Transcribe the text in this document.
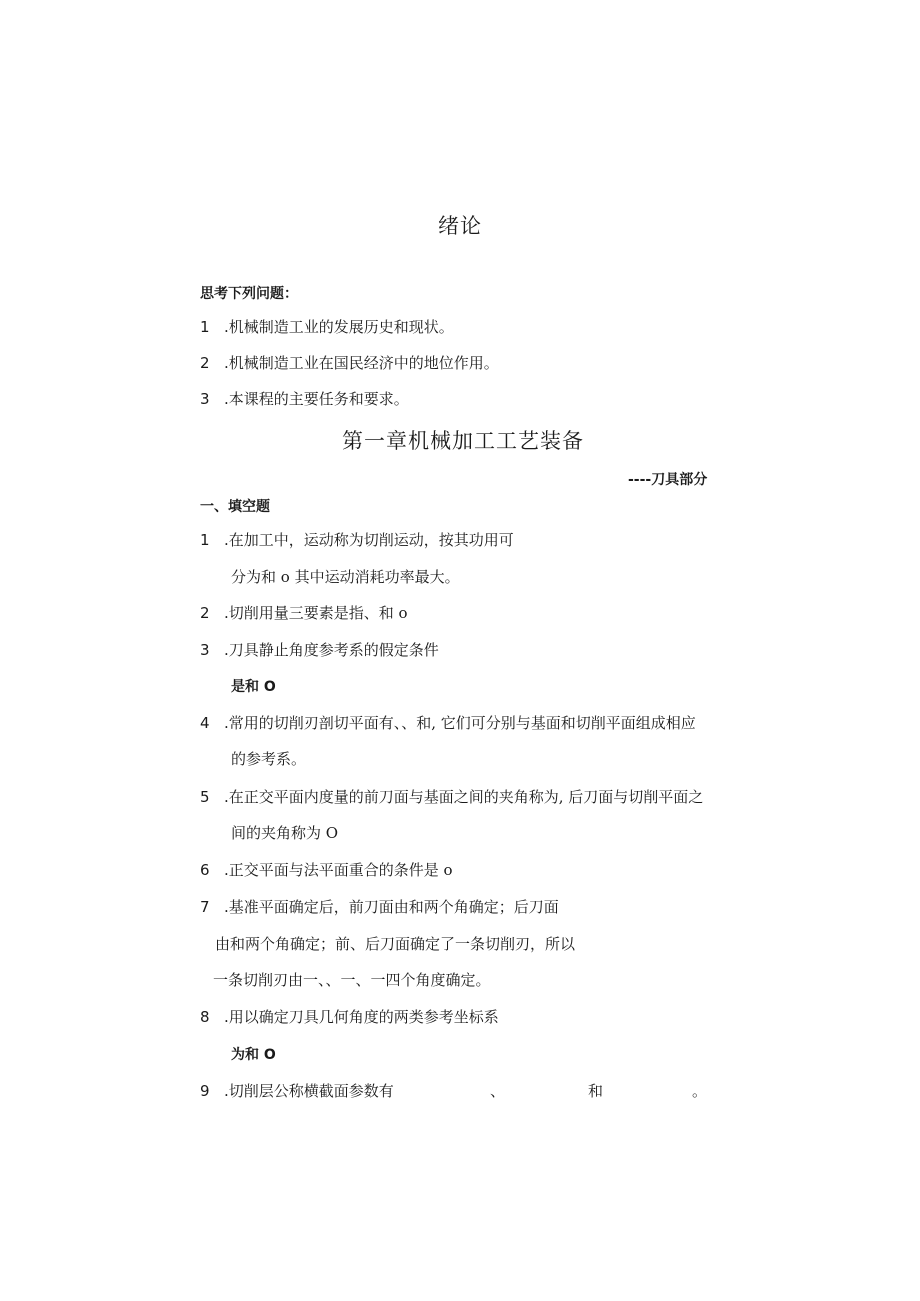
绪论
思考下列问题：
1 .机械制造工业的发展历史和现状。
2 .机械制造工业在国民经济中的地位作用。
3 .本课程的主要任务和要求。
第一章机械加工工艺装备
----刀具部分
一、填空题
1 .在加工中，运动称为切削运动，按其功用可
分为和 o 其中运动消耗功率最大。
2 .切削用量三要素是指、和 o
3 .刀具静止角度参考系的假定条件
是和 O
4 .常用的切削刃剖切平面有、、和, 它们可分别与基面和切削平面组成相应
的参考系。
5 .在正交平面内度量的前刀面与基面之间的夹角称为, 后刀面与切削平面之
间的夹角称为 O
6 .正交平面与法平面重合的条件是 o
7 .基准平面确定后，前刀面由和两个角确定；后刀面
由和两个角确定；前、后刀面确定了一条切削刃，所以
一条切削刃由一、、一、一四个角度确定。
8 .用以确定刀具几何角度的两类参考坐标系
为和 O
9 .切削层公称横截面参数有	、	和	。
